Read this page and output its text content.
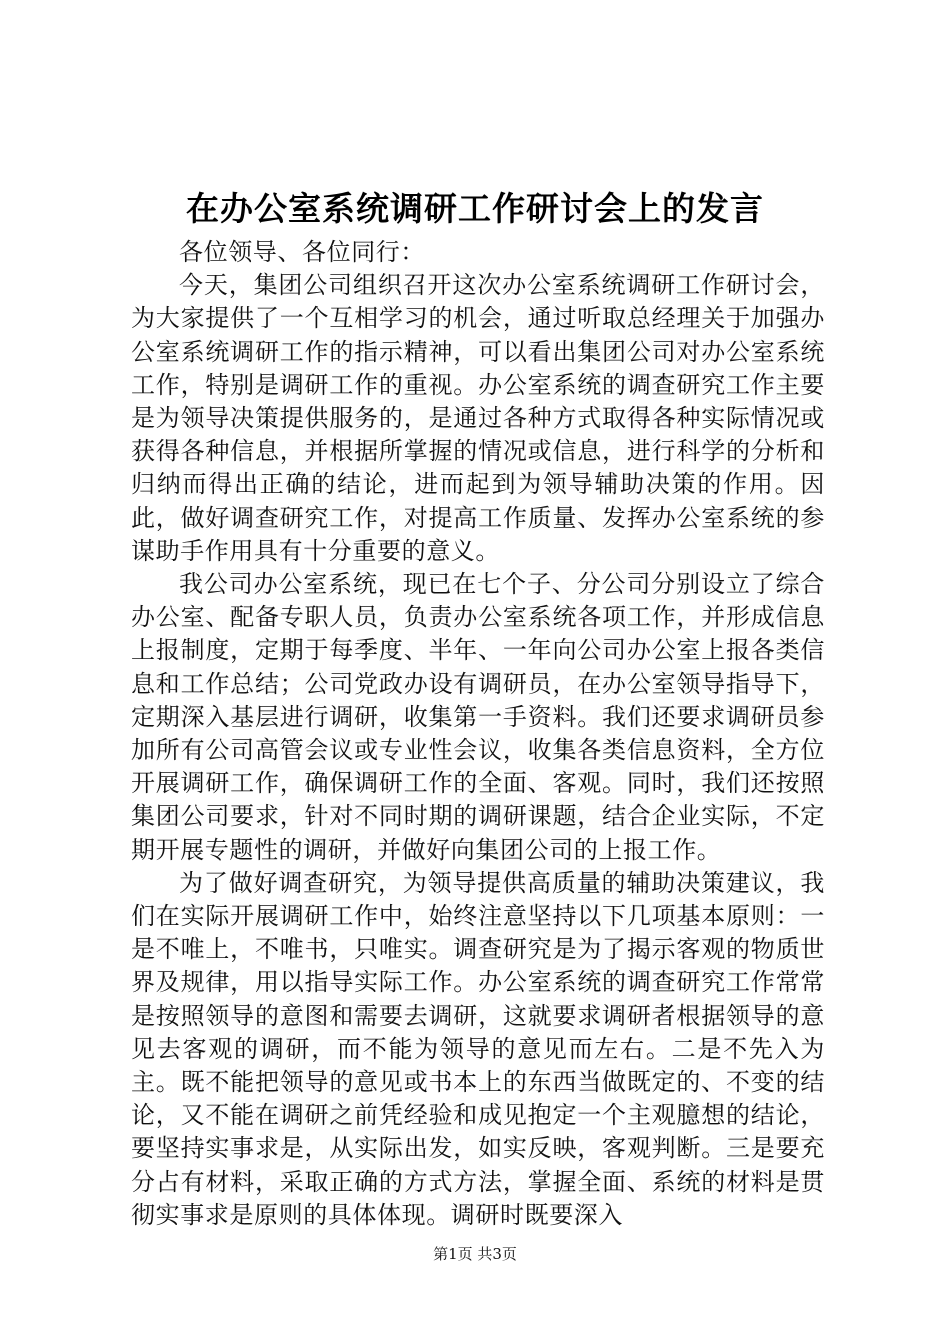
在办公室系统调研工作研讨会上的发言

各位领导、各位同行：

今天，集团公司组织召开这次办公室系统调研工作研讨会，为大家提供了一个互相学习的机会，通过听取总经理关于加强办公室系统调研工作的指示精神，可以看出集团公司对办公室系统工作，特别是调研工作的重视。办公室系统的调查研究工作主要是为领导决策提供服务的，是通过各种方式取得各种实际情况或获得各种信息，并根据所掌握的情况或信息，进行科学的分析和归纳而得出正确的结论，进而起到为领导辅助决策的作用。因此，做好调查研究工作，对提高工作质量、发挥办公室系统的参谋助手作用具有十分重要的意义。

我公司办公室系统，现已在七个子、分公司分别设立了综合办公室、配备专职人员，负责办公室系统各项工作，并形成信息上报制度，定期于每季度、半年、一年向公司办公室上报各类信息和工作总结；公司党政办设有调研员，在办公室领导指导下，定期深入基层进行调研，收集第一手资料。我们还要求调研员参加所有公司高管会议或专业性会议，收集各类信息资料，全方位开展调研工作，确保调研工作的全面、客观。同时，我们还按照集团公司要求，针对不同时期的调研课题，结合企业实际，不定期开展专题性的调研，并做好向集团公司的上报工作。

为了做好调查研究，为领导提供高质量的辅助决策建议，我们在实际开展调研工作中，始终注意坚持以下几项基本原则：一是不唯上，不唯书，只唯实。调查研究是为了揭示客观的物质世界及规律，用以指导实际工作。办公室系统的调查研究工作常常是按照领导的意图和需要去调研，这就要求调研者根据领导的意见去客观的调研，而不能为领导的意见而左右。二是不先入为主。既不能把领导的意见或书本上的东西当做既定的、不变的结论，又不能在调研之前凭经验和成见抱定一个主观臆想的结论，要坚持实事求是，从实际出发，如实反映，客观判断。三是要充分占有材料，采取正确的方式方法，掌握全面、系统的材料是贯彻实事求是原则的具体体现。调研时既要深入

第1页 共3页
